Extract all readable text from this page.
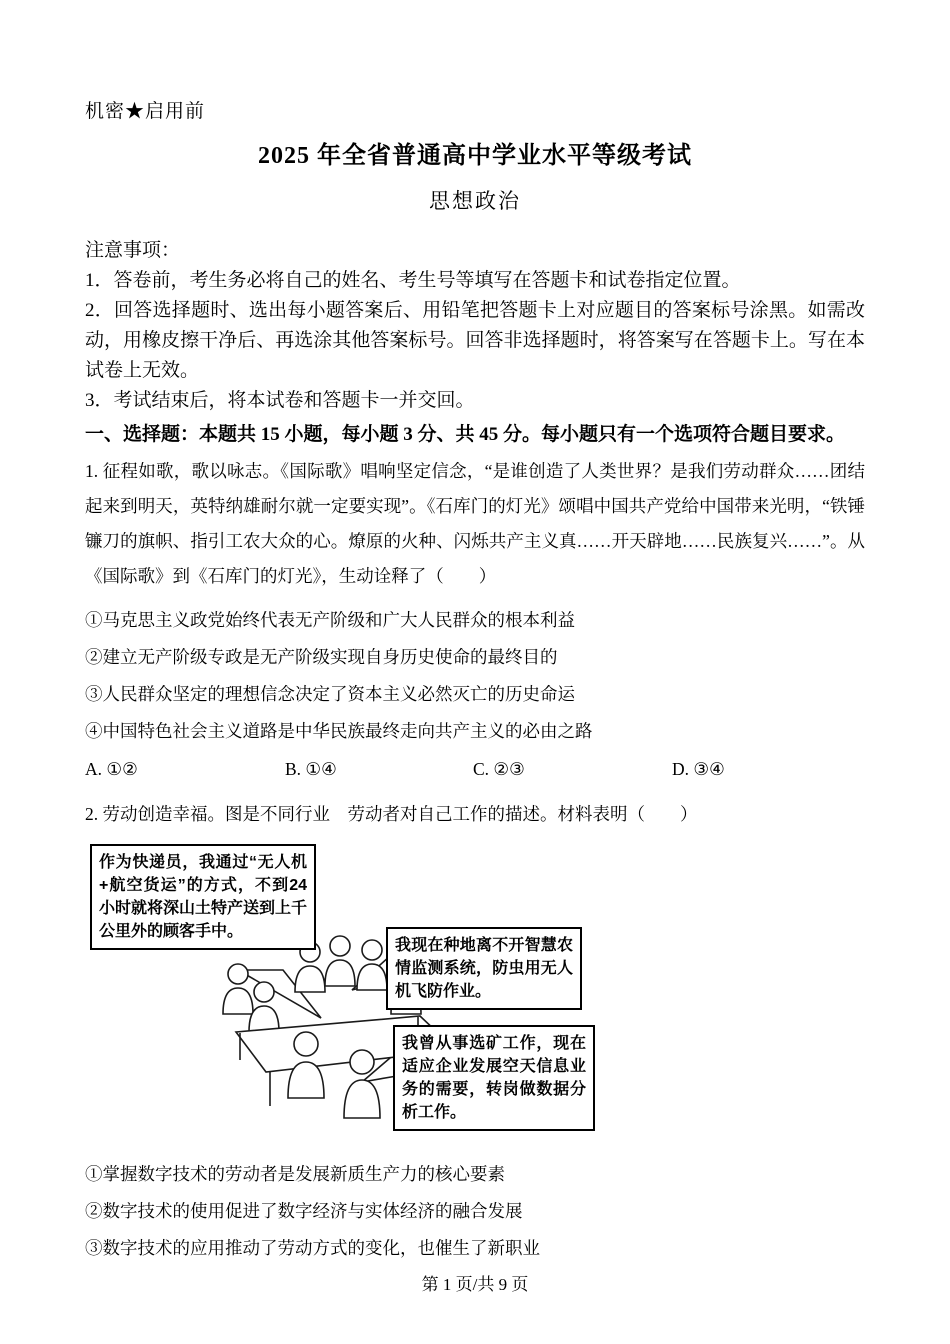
机密★启用前
2025 年全省普通高中学业水平等级考试
思想政治
注意事项：

1．答卷前，考生务必将自己的姓名、考生号等填写在答题卡和试卷指定位置。

2．回答选择题时、选出每小题答案后、用铅笔把答题卡上对应题目的答案标号涂黑。如需改动，用橡皮擦干净后、再选涂其他答案标号。回答非选择题时，将答案写在答题卡上。写在本试卷上无效。

3．考试结束后，将本试卷和答题卡一并交回。

一、选择题：本题共 15 小题，每小题 3 分、共 45 分。每小题只有一个选项符合题目要求。

1. 征程如歌，歌以咏志。《国际歌》唱响坚定信念，“是谁创造了人类世界？是我们劳动群众……团结起来到明天，英特纳雄耐尔就一定要实现”。《石库门的灯光》颂唱中国共产党给中国带来光明，“铁锤镰刀的旗帜、指引工农大众的心。燎原的火种、闪烁共产主义真……开天辟地……民族复兴……”。从《国际歌》到《石库门的灯光》，生动诠释了（　　）

①马克思主义政党始终代表无产阶级和广大人民群众的根本利益

②建立无产阶级专政是无产阶级实现自身历史使命的最终目的

③人民群众坚定的理想信念决定了资本主义必然灭亡的历史命运

④中国特色社会主义道路是中华民族最终走向共产主义的必由之路

A. ①②	B. ①④	C. ②③	D. ③④

2. 劳动创造幸福。图是不同行业　劳动者对自己工作的描述。材料表明（　　）

作为快递员，我通过“无人机+航空货运”的方式，不到24小时就将深山土特产送到上千公里外的顾客手中。
我现在种地离不开智慧农情监测系统，防虫用无人机飞防作业。
我曾从事选矿工作，现在适应企业发展空天信息业务的需要，转岗做数据分析工作。

①掌握数字技术的劳动者是发展新质生产力的核心要素

②数字技术的使用促进了数字经济与实体经济的融合发展

③数字技术的应用推动了劳动方式的变化，也催生了新职业

第 1 页/共 9 页
